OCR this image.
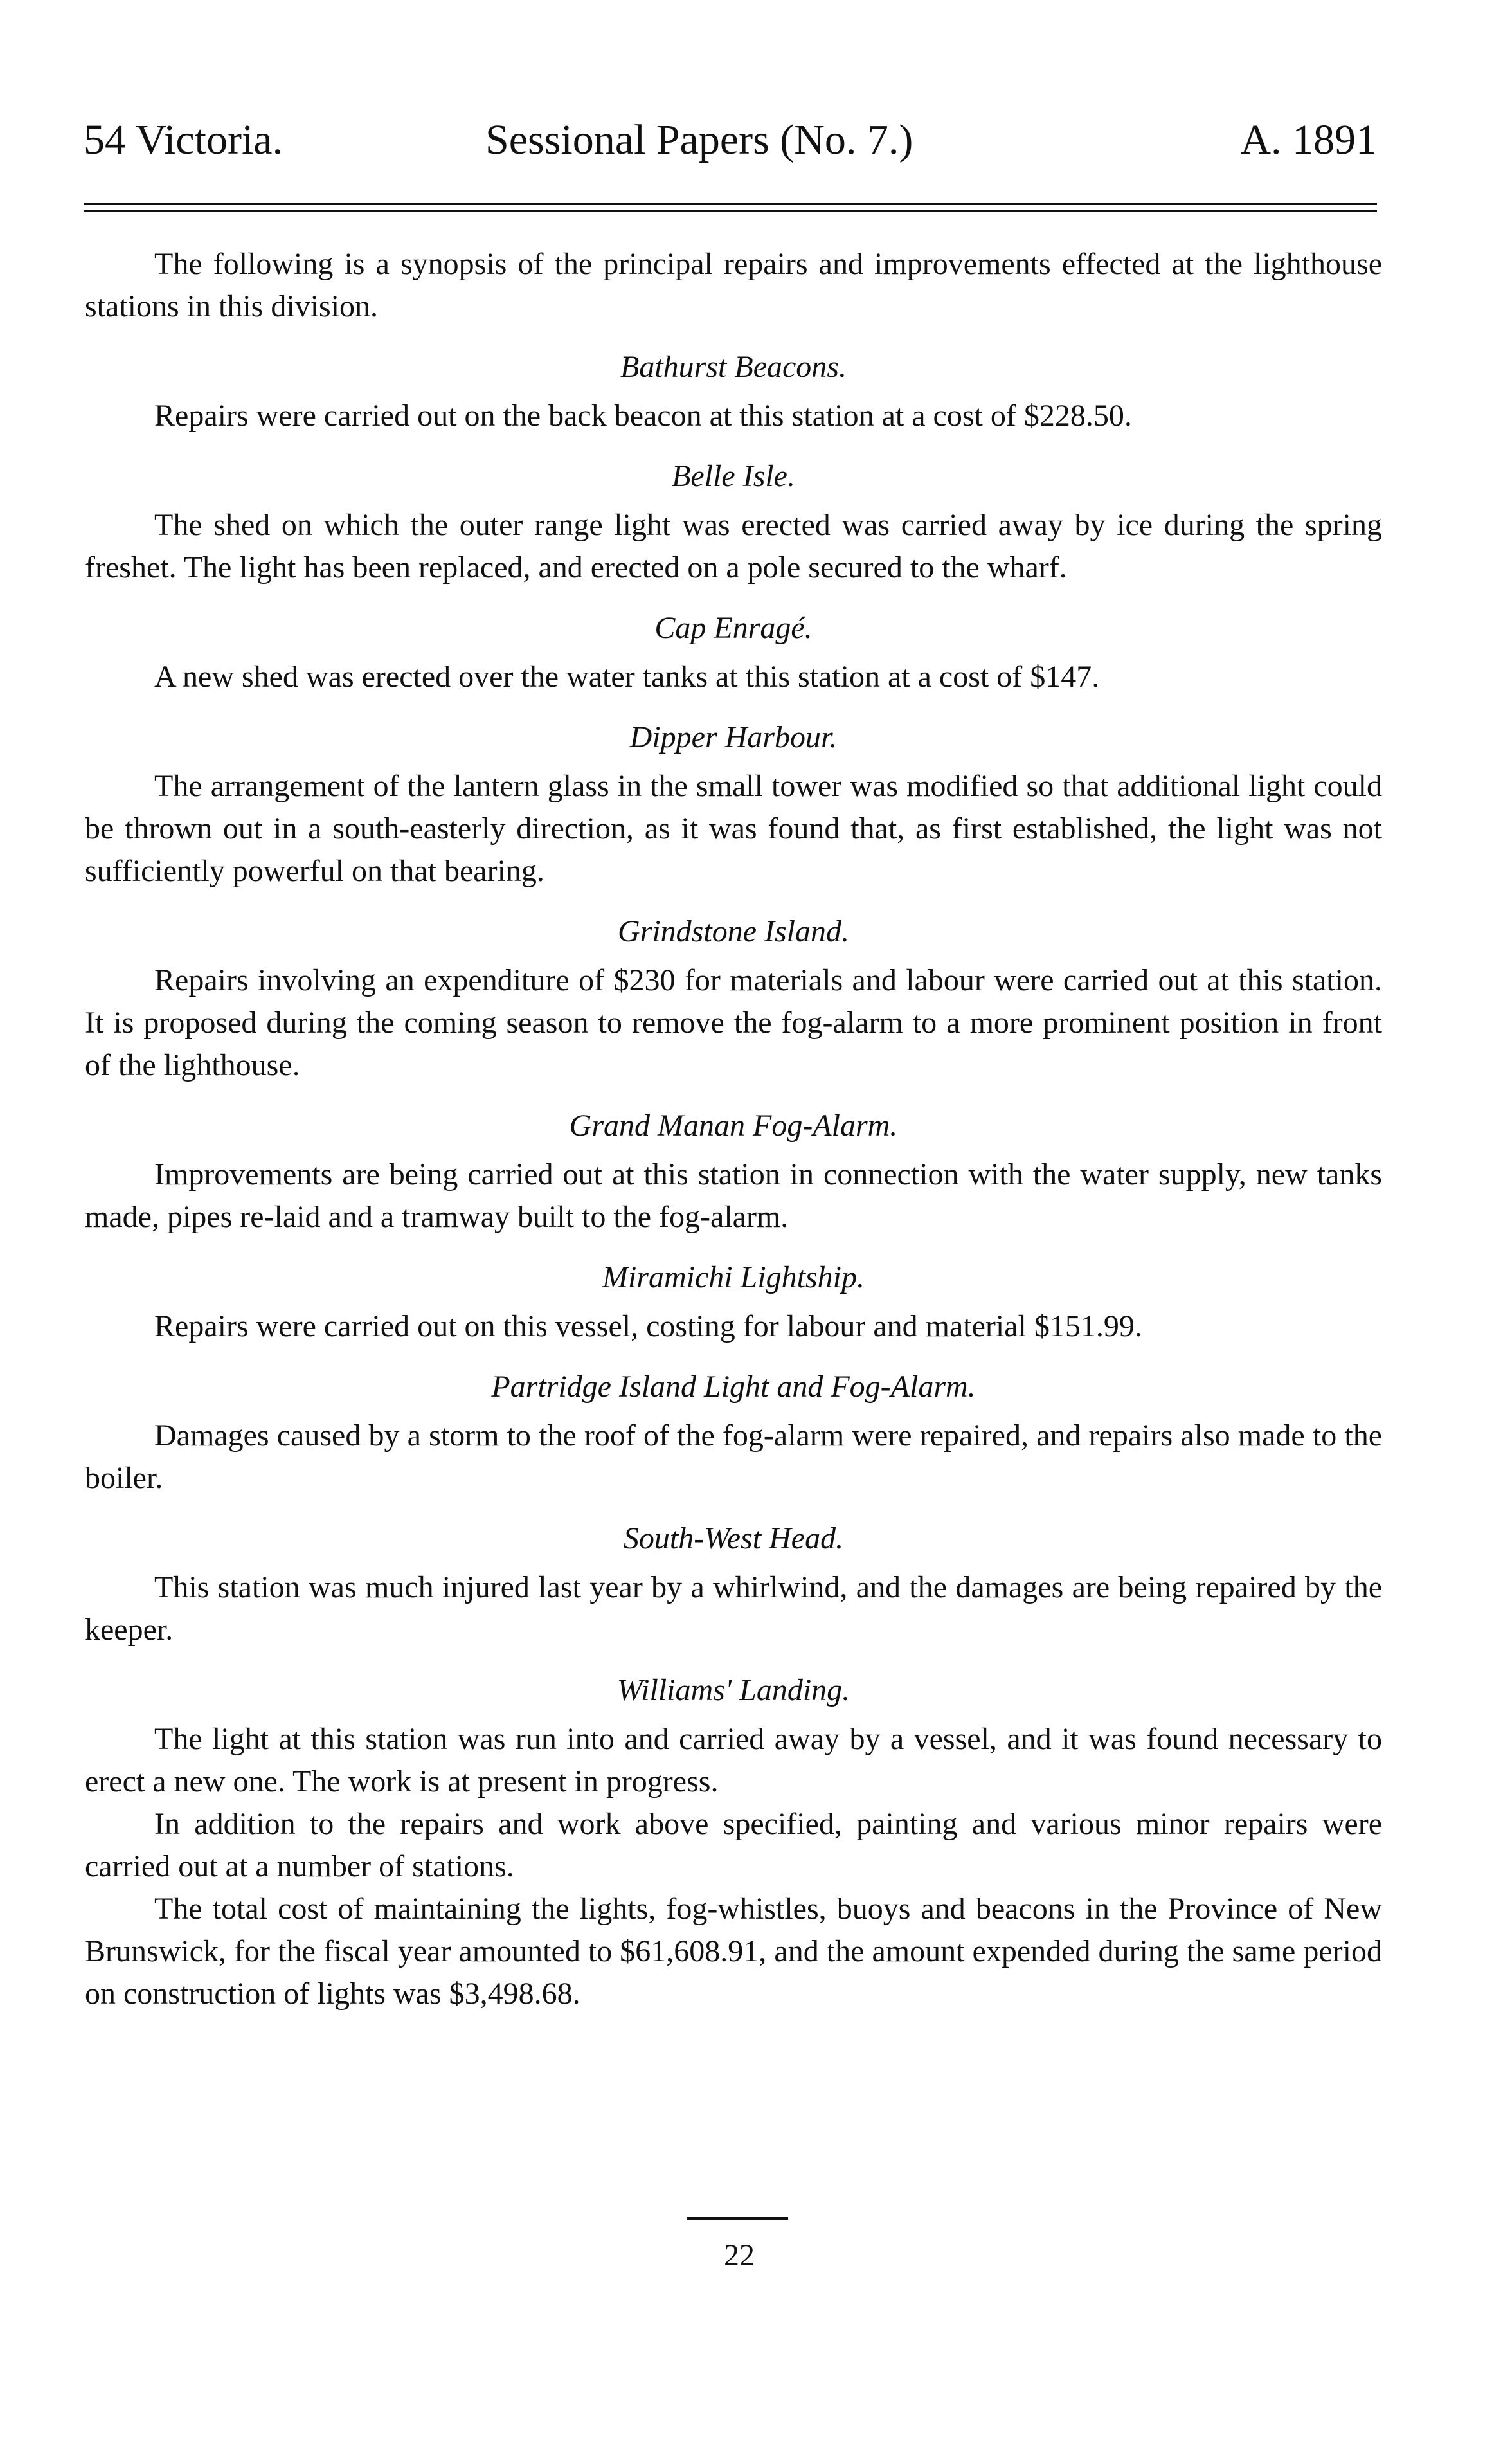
54 Victoria.	Sessional Papers (No. 7.)	A. 1891

The following is a synopsis of the principal repairs and improvements effected at the lighthouse stations in this division.

Bathurst Beacons.

Repairs were carried out on the back beacon at this station at a cost of $228.50.

Belle Isle.

The shed on which the outer range light was erected was carried away by ice during the spring freshet. The light has been replaced, and erected on a pole secured to the wharf.

Cap Enragé.

A new shed was erected over the water tanks at this station at a cost of $147.

Dipper Harbour.

The arrangement of the lantern glass in the small tower was modified so that additional light could be thrown out in a south-easterly direction, as it was found that, as first established, the light was not sufficiently powerful on that bearing.

Grindstone Island.

Repairs involving an expenditure of $230 for materials and labour were carried out at this station. It is proposed during the coming season to remove the fog-alarm to a more prominent position in front of the lighthouse.

Grand Manan Fog-Alarm.

Improvements are being carried out at this station in connection with the water supply, new tanks made, pipes re-laid and a tramway built to the fog-alarm.

Miramichi Lightship.

Repairs were carried out on this vessel, costing for labour and material $151.99.

Partridge Island Light and Fog-Alarm.

Damages caused by a storm to the roof of the fog-alarm were repaired, and repairs also made to the boiler.

South-West Head.

This station was much injured last year by a whirlwind, and the damages are being repaired by the keeper.

Williams' Landing.

The light at this station was run into and carried away by a vessel, and it was found necessary to erect a new one. The work is at present in progress.

In addition to the repairs and work above specified, painting and various minor repairs were carried out at a number of stations.

The total cost of maintaining the lights, fog-whistles, buoys and beacons in the Province of New Brunswick, for the fiscal year amounted to $61,608.91, and the amount expended during the same period on construction of lights was $3,498.68.

22
